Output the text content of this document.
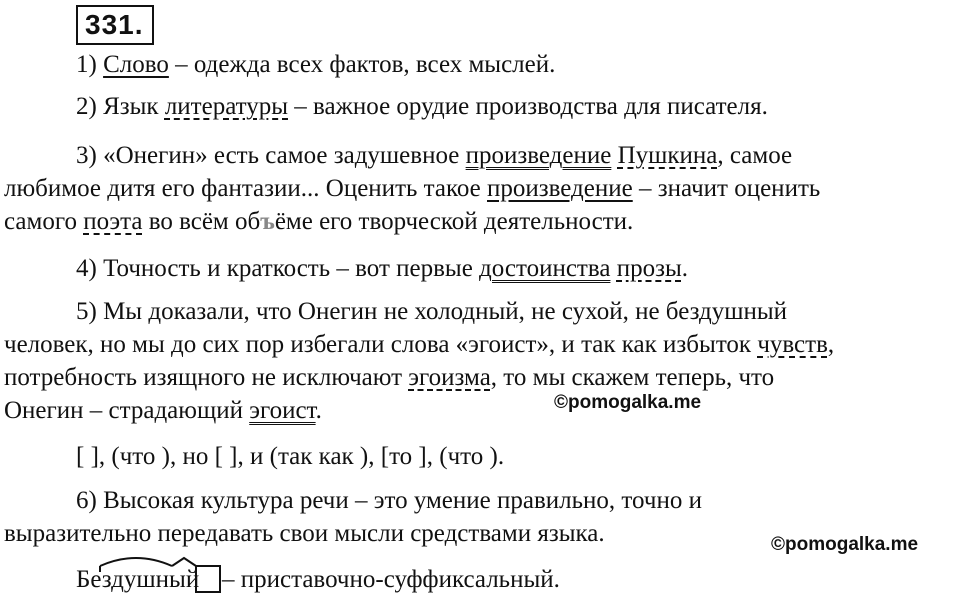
331.
1) Слово – одежда всех фактов, всех мыслей.
2) Язык литературы – важное орудие производства для писателя.
3) «Онегин» есть самое задушевное произведение Пушкина, самое
любимое дитя его фантазии... Оценить такое произведение – значит оценить
самого поэта во всём объёме его творческой деятельности.
4) Точность и краткость – вот первые достоинства прозы.
5) Мы доказали, что Онегин не холодный, не сухой, не бездушный
человек, но мы до сих пор избегали слова «эгоист», и так как избыток чувств,
потребность изящного не исключают эгоизма, то мы скажем теперь, что
Онегин – страдающий эгоист.	©pomogalka.me
[ ], (что ), но [ ], и (так как ), [то ], (что ).
6) Высокая культура речи – это умение правильно, точно и
выразительно передавать свои мысли средствами языка.	©pomogalka.me
Бездушный – приставочно-суффиксальный.
